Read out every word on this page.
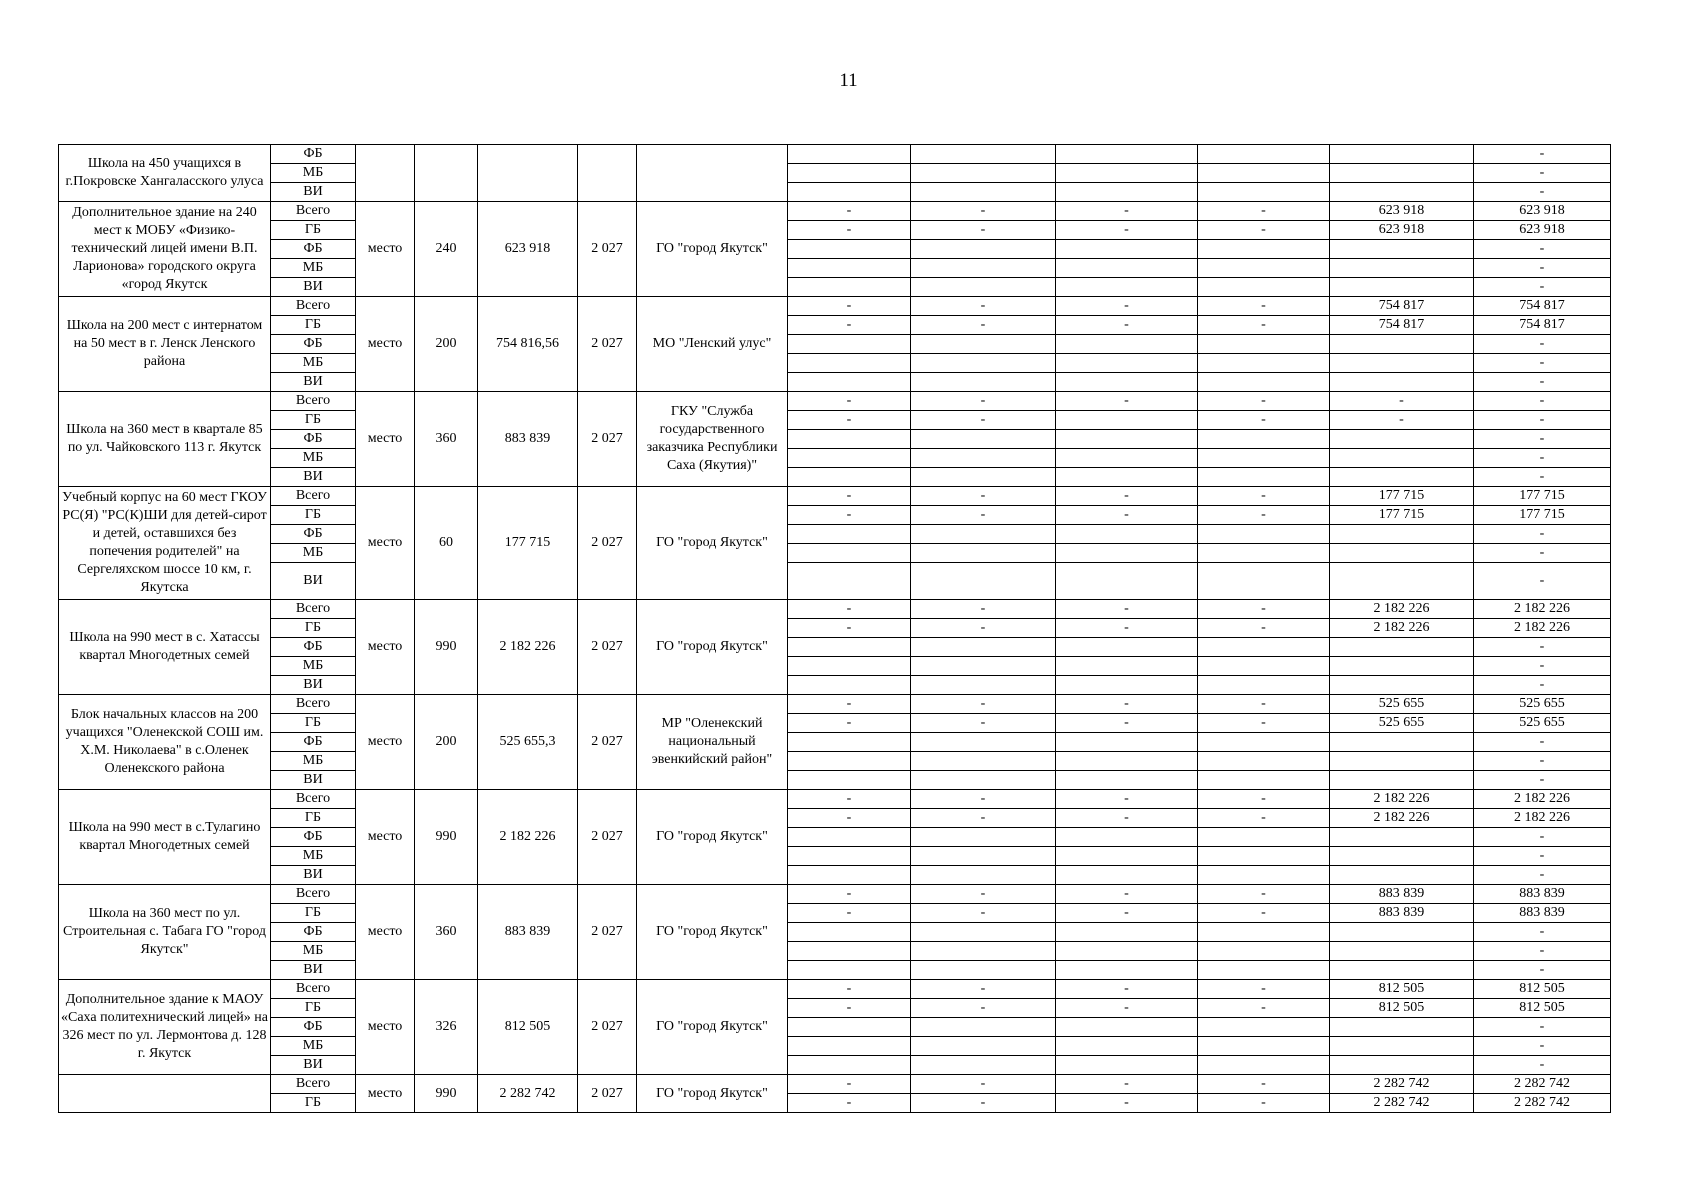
11
Школа на 450 учащихся в г.Покровске Хангаласского улуса	ФБ											-
	МБ											-
	ВИ											-
Дополнительное здание на 240 мест к МОБУ «Физико-технический лицей имени В.П. Ларионова» городского округа «город Якутск	Всего	место	240	623 918	2 027	ГО "город Якутск"	-	-	-	-	623 918	623 918
	ГБ						-	-	-	-	623 918	623 918
	ФБ											-
	МБ											-
	ВИ											-
Школа на 200 мест с интернатом на 50 мест в г. Ленск Ленского района	Всего	место	200	754 816,56	2 027	МО "Ленский улус"	-	-	-	-	754 817	754 817
	ГБ						-	-	-	-	754 817	754 817
	ФБ											-
	МБ											-
	ВИ											-
Школа на 360 мест в квартале 85 по ул. Чайковского 113 г. Якутск	Всего	место	360	883 839	2 027	ГКУ "Служба государственного заказчика Республики Саха (Якутия)"	-	-	-	-	-	-
	ГБ						-	-		-	-	-
	ФБ											-
	МБ											-
	ВИ											-
Учебный корпус на 60 мест ГКОУ РС(Я) "РС(К)ШИ для детей-сирот и детей, оставшихся без попечения родителей" на Сергеляхском шоссе 10 км, г. Якутска	Всего	место	60	177 715	2 027	ГО "город Якутск"	-	-	-	-	177 715	177 715
	ГБ						-	-	-	-	177 715	177 715
	ФБ											-
	МБ											-
	ВИ											-
Школа на 990 мест в с. Хатассы квартал Многодетных семей	Всего	место	990	2 182 226	2 027	ГО "город Якутск"	-	-	-	-	2 182 226	2 182 226
	ГБ						-	-	-	-	2 182 226	2 182 226
	ФБ											-
	МБ											-
	ВИ											-
Блок начальных классов на 200 учащихся "Оленекской СОШ им. Х.М. Николаева" в с.Оленек Оленекского района	Всего	место	200	525 655,3	2 027	МР "Оленекский национальный эвенкийский район"	-	-	-	-	525 655	525 655
	ГБ						-	-	-	-	525 655	525 655
	ФБ											-
	МБ											-
	ВИ											-
Школа на 990 мест в с.Тулагино квартал Многодетных семей	Всего	место	990	2 182 226	2 027	ГО "город Якутск"	-	-	-	-	2 182 226	2 182 226
	ГБ						-	-	-	-	2 182 226	2 182 226
	ФБ											-
	МБ											-
	ВИ											-
Школа на 360 мест по ул. Строительная с. Табага ГО "город Якутск"	Всего	место	360	883 839	2 027	ГО "город Якутск"	-	-	-	-	883 839	883 839
	ГБ						-	-	-	-	883 839	883 839
	ФБ											-
	МБ											-
	ВИ											-
Дополнительное здание к МАОУ «Саха политехнический лицей» на 326 мест по ул. Лермонтова д. 128 г. Якутск	Всего	место	326	812 505	2 027	ГО "город Якутск"	-	-	-	-	812 505	812 505
	ГБ						-	-	-	-	812 505	812 505
	ФБ											-
	МБ											-
	ВИ											-
	Всего	место	990	2 282 742	2 027	ГО "город Якутск"	-	-	-	-	2 282 742	2 282 742
	ГБ						-	-	-	-	2 282 742	2 282 742
